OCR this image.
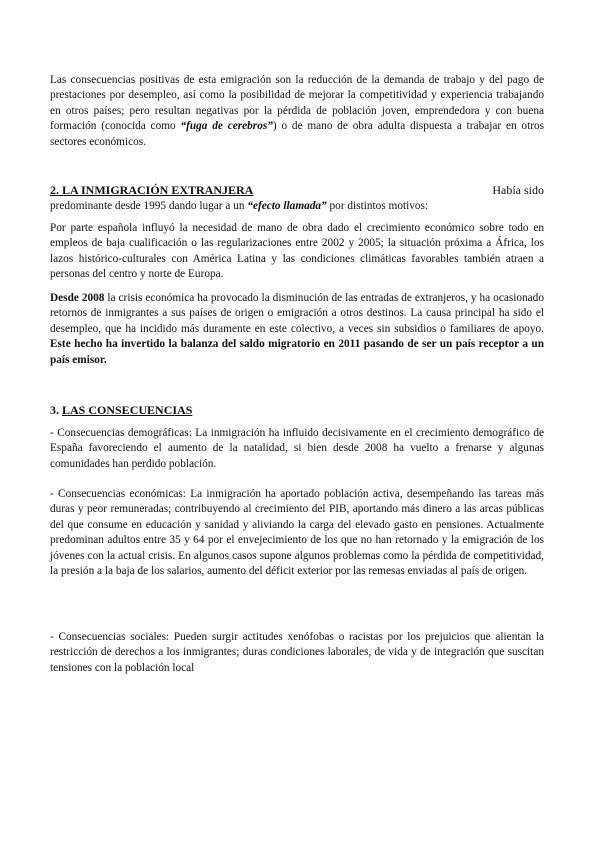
Las consecuencias positivas de esta emigración son la reducción de la demanda de trabajo y del pago de prestaciones por desempleo, así como la posibilidad de mejorar la competitividad y experiencia trabajando en otros países; pero resultan negativas por la pérdida de población joven, emprendedora y con buena formación (conocida como “fuga de cerebros”) o de mano de obra adulta dispuesta a trabajar en otros sectores económicos.

2. LA INMIGRACIÓN EXTRANJERA	Había sido

predominante desde 1995 dando lugar a un “efecto llamada” por distintos motivos:

Por parte española influyó la necesidad de mano de obra dado el crecimiento económico sobre todo en empleos de baja cualificación o las regularizaciones entre 2002 y 2005; la situación próxima a África, los lazos histórico-culturales con América Latina y las condiciones climáticas favorables también atraen a personas del centro y norte de Europa.

Desde 2008 la crisis económica ha provocado la disminución de las entradas de extranjeros, y ha ocasionado retornos de inmigrantes a sus países de origen o emigración a otros destinos. La causa principal ha sido el desempleo, que ha incidido más duramente en este colectivo, a veces sin subsidios o familiares de apoyo. Este hecho ha invertido la balanza del saldo migratorio en 2011 pasando de ser un país receptor a un país emisor.

3. LAS CONSECUENCIAS

- Consecuencias demográficas: La inmigración ha influido decisivamente en el crecimiento demográfico de España favoreciendo el aumento de la natalidad, si bien desde 2008 ha vuelto a frenarse y algunas comunidades han perdido población.

- Consecuencias económicas: La inmigración ha aportado población activa, desempeñando las tareas más duras y peor remuneradas; contribuyendo al crecimiento del PIB, aportando más dinero a las arcas públicas del que consume en educación y sanidad y aliviando la carga del elevado gasto en pensiones. Actualmente predominan adultos entre 35 y 64 por el envejecimiento de los que no han retornado y la emigración de los jóvenes con la actual crisis. En algunos casos supone algunos problemas como la pérdida de competitividad, la presión a la baja de los salarios, aumento del déficit exterior por las remesas enviadas al país de origen.

- Consecuencias sociales: Pueden surgir actitudes xenófobas o racistas por los prejuicios que alientan la restricción de derechos a los inmigrantes; duras condiciones laborales, de vida y de integración que suscitan tensiones con la población local
